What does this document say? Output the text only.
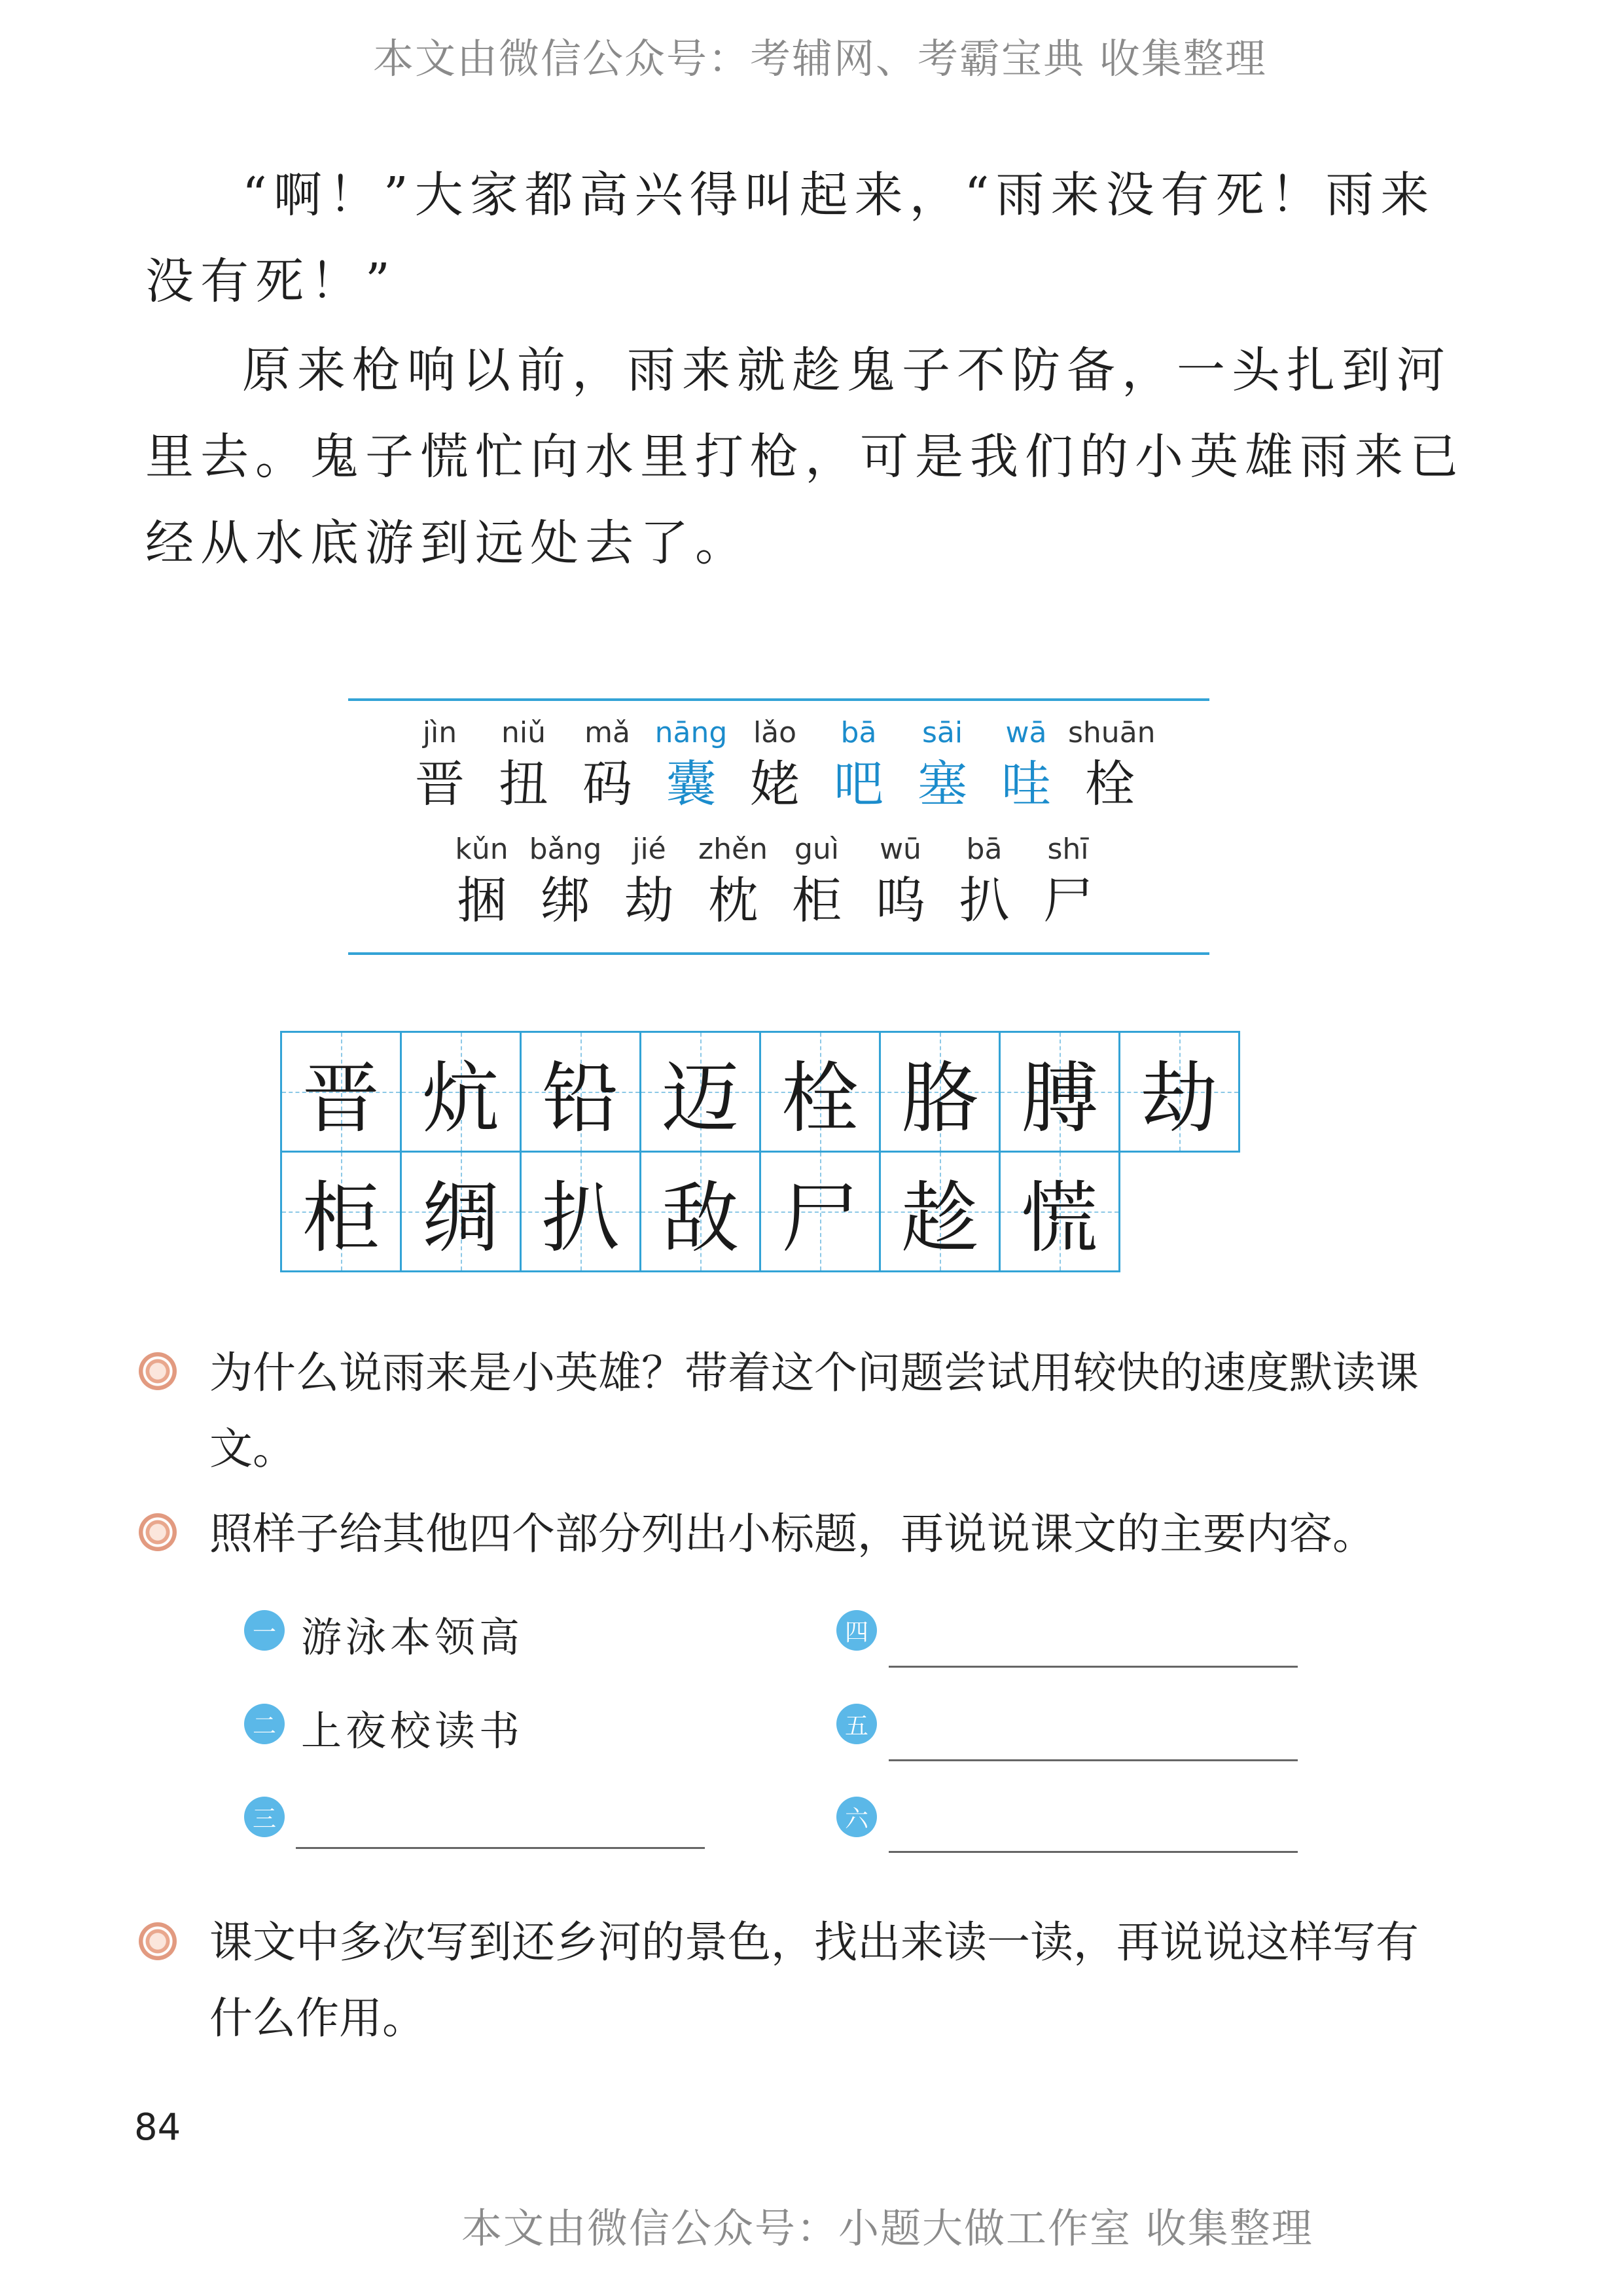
本文由微信公众号：考辅网、考霸宝典 收集整理
“啊！”大家都高兴得叫起来，“雨来没有死！雨来没有死！”
原来枪响以前，雨来就趁鬼子不防备，一头扎到河里去。鬼子慌忙向水里打枪，可是我们的小英雄雨来已经从水底游到远处去了。
jìn
晋
niǔ
扭
mǎ
码
nāng
囊
lǎo
姥
bā
吧
sāi
塞
wā
哇
shuān
栓
kǔn
捆
bǎng
绑
jié
劫
zhěn
枕
guì
柜
wū
呜
bā
扒
shī
尸
晋 炕 铅 迈 栓 胳 膊 劫
柜 绸 扒 敌 尸 趁 慌
为什么说雨来是小英雄？带着这个问题尝试用较快的速度默读课文。
照样子给其他四个部分列出小标题，再说说课文的主要内容。
一 游泳本领高
二 上夜校读书
三
四
五
六
课文中多次写到还乡河的景色，找出来读一读，再说说这样写有什么作用。
84
本文由微信公众号：小题大做工作室 收集整理
